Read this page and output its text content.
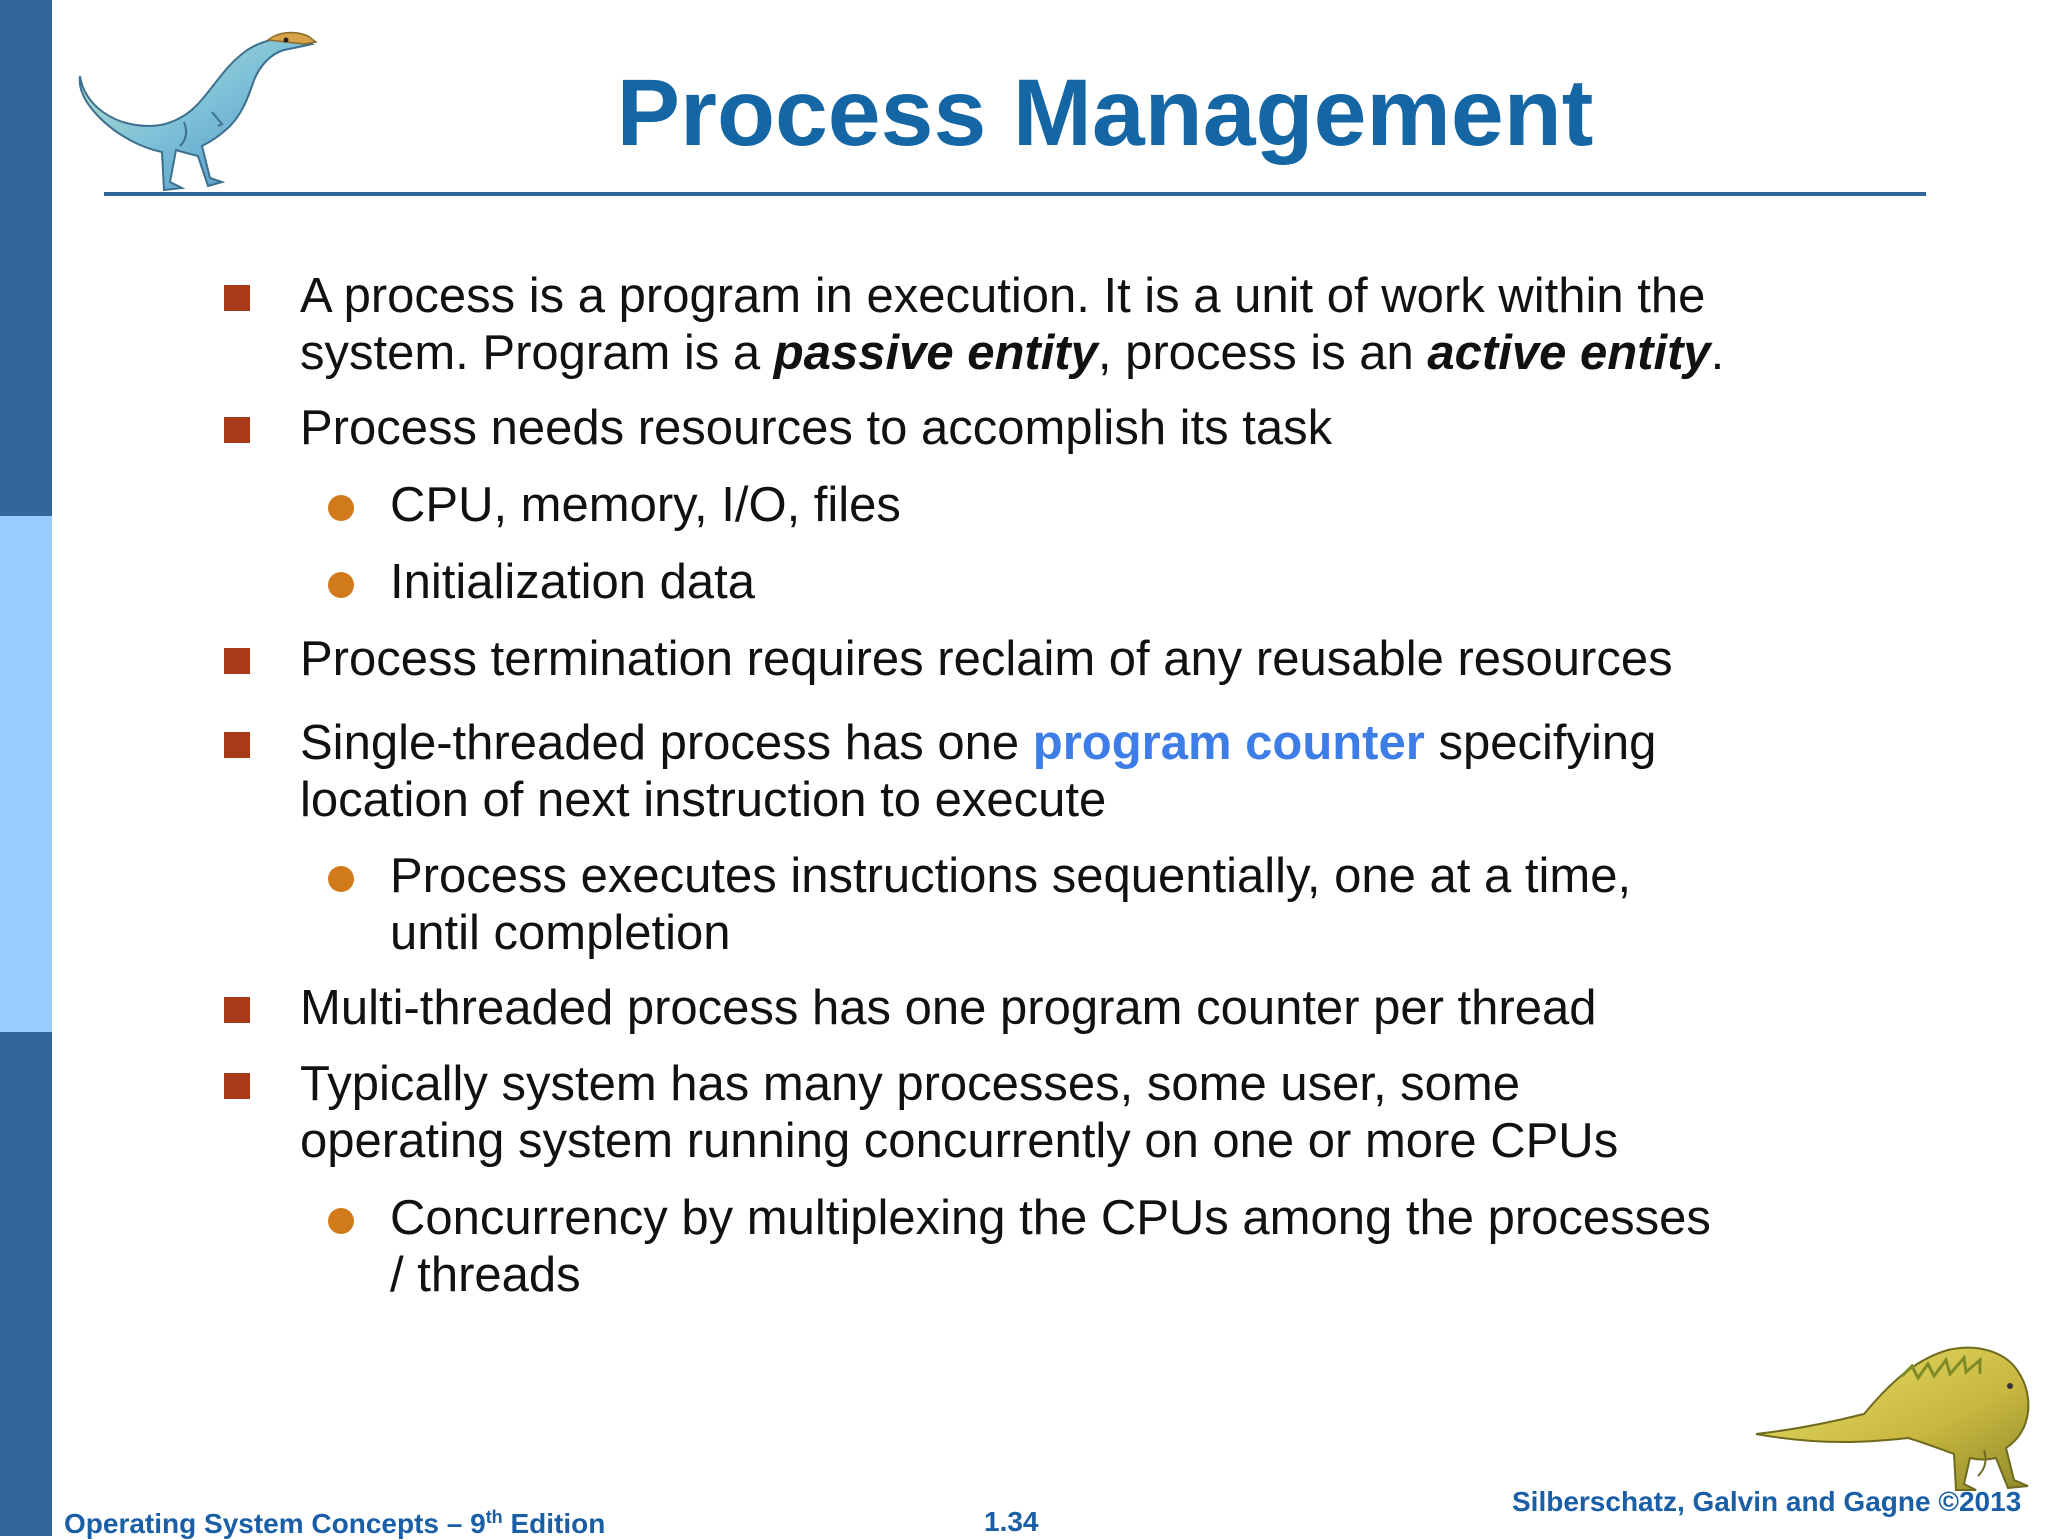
Process Management
A process is a program in execution. It is a unit of work within the
system. Program is a passive entity, process is an active entity.
Process needs resources to accomplish its task
CPU, memory, I/O, files
Initialization data
Process termination requires reclaim of any reusable resources
Single-threaded process has one program counter specifying
location of next instruction to execute
Process executes instructions sequentially, one at a time,
until completion
Multi-threaded process has one program counter per thread
Typically system has many processes, some user, some
operating system running concurrently on one or more CPUs
Concurrency by multiplexing the CPUs among the processes
/ threads
Operating System Concepts – 9th Edition	1.34
Silberschatz, Galvin and Gagne ©2013
